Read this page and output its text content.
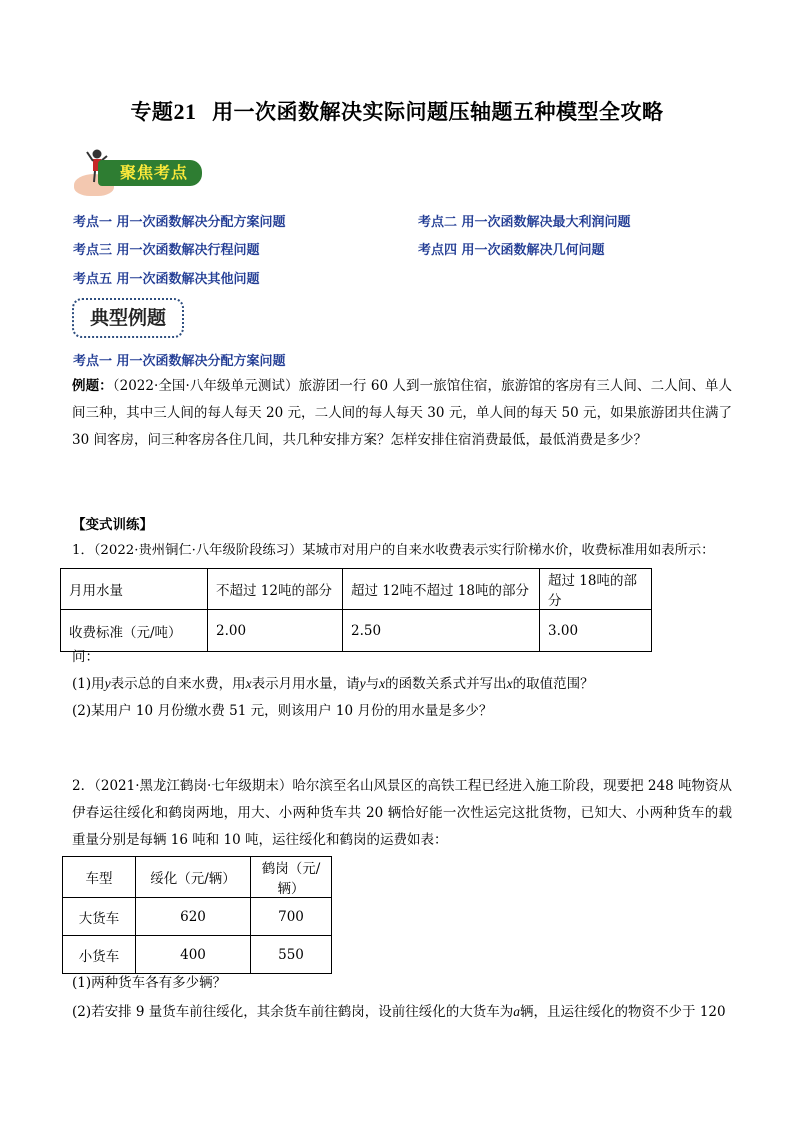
专题21 用一次函数解决实际问题压轴题五种模型全攻略
聚焦考点
考点一 用一次函数解决分配方案问题	考点二 用一次函数解决最大利润问题
考点三 用一次函数解决行程问题	考点四 用一次函数解决几何问题
考点五 用一次函数解决其他问题
典型例题
考点一 用一次函数解决分配方案问题
例题：（2022·全国·八年级单元测试）旅游团一行 60 人到一旅馆住宿，旅游馆的客房有三人间、二人间、单人间三种，其中三人间的每人每天 20 元，二人间的每人每天 30 元，单人间的每天 50 元，如果旅游团共住满了 30 间客房，问三种客房各住几间，共几种安排方案？怎样安排住宿消费最低，最低消费是多少？
【变式训练】
1．（2022·贵州铜仁·八年级阶段练习）某城市对用户的自来水收费表示实行阶梯水价，收费标准用如表所示：
月用水量	不超过 12吨的部分	超过 12吨不超过 18吨的部分	超过 18吨的部分
收费标准（元/吨）	2.00	2.50	3.00
问：
(1)用y表示总的自来水费，用x表示月用水量，请y与x的函数关系式并写出x的取值范围？
(2)某用户 10 月份缴水费 51 元，则该用户 10 月份的用水量是多少？
2．（2021·黑龙江鹤岗·七年级期末）哈尔滨至名山风景区的高铁工程已经进入施工阶段，现要把 248 吨物资从伊春运往绥化和鹤岗两地，用大、小两种货车共 20 辆恰好能一次性运完这批货物，已知大、小两种货车的载重量分别是每辆 16 吨和 10 吨，运往绥化和鹤岗的运费如表：
车型	绥化（元/辆）	鹤岗（元/辆）
大货车	620	700
小货车	400	550
(1)两种货车各有多少辆？
(2)若安排 9 量货车前往绥化，其余货车前往鹤岗，设前往绥化的大货车为a辆，且运往绥化的物资不少于 120
